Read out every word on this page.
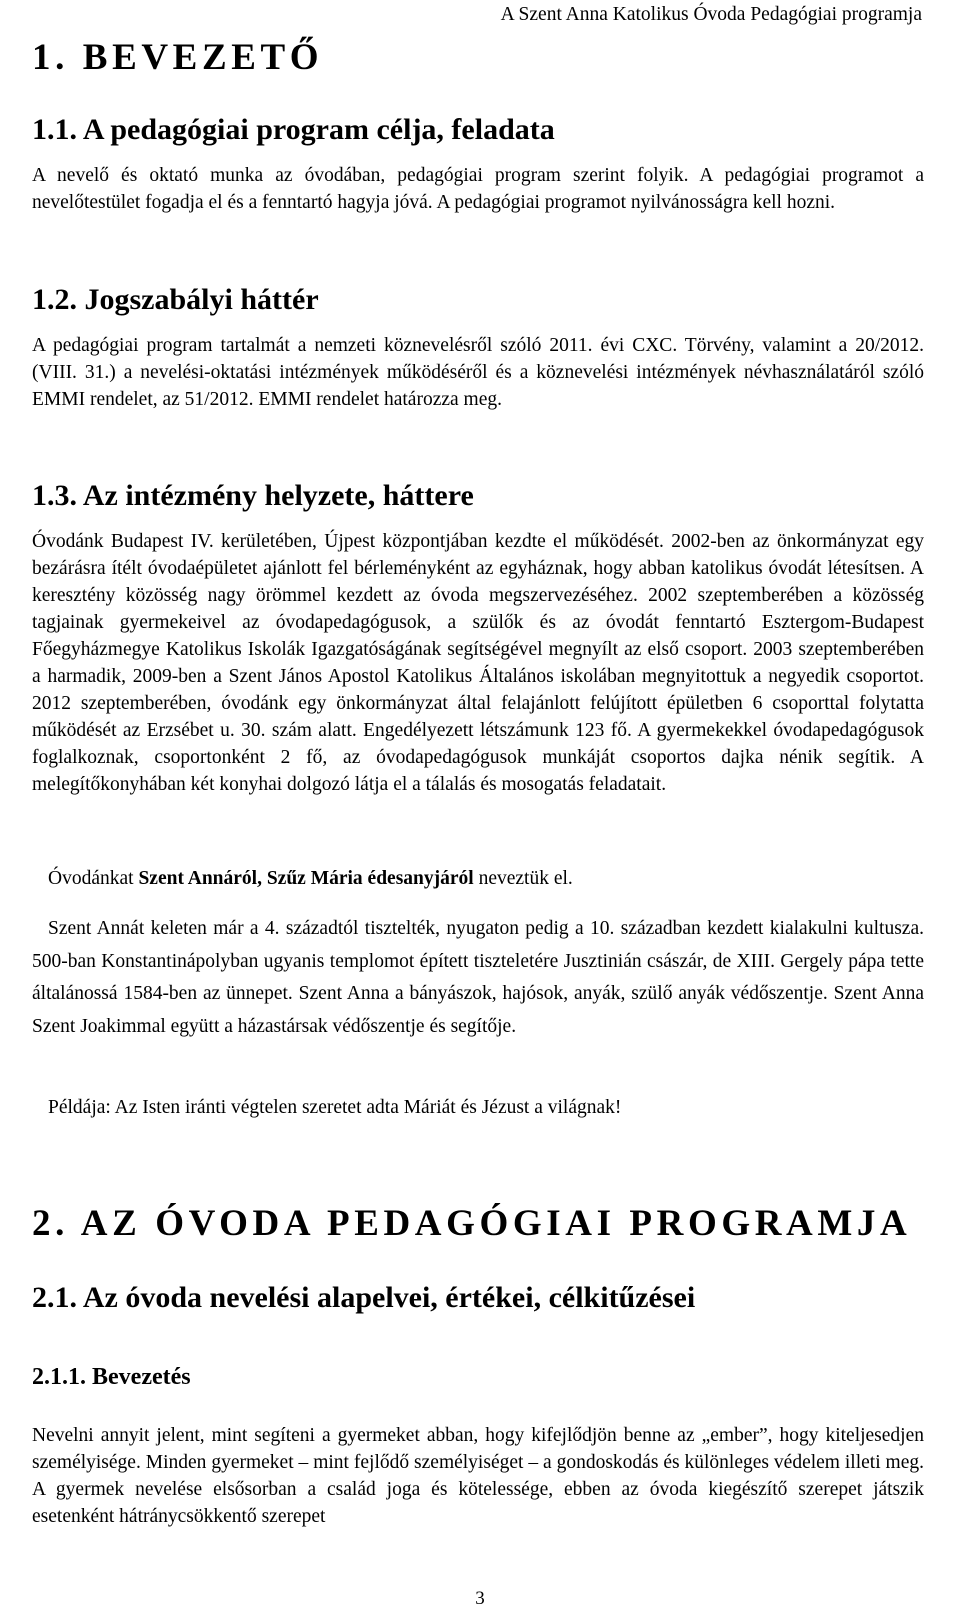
A Szent Anna Katolikus Óvoda Pedagógiai programja
1. BEVEZETŐ
1.1. A pedagógiai program célja, feladata
A nevelő és oktató munka az óvodában, pedagógiai program szerint folyik. A pedagógiai programot a nevelőtestület fogadja el és a fenntartó hagyja jóvá. A pedagógiai programot nyilvánosságra kell hozni.
1.2. Jogszabályi háttér
A pedagógiai program tartalmát a nemzeti köznevelésről szóló 2011. évi CXC. Törvény, valamint a 20/2012. (VIII. 31.) a nevelési-oktatási intézmények működéséről és a köznevelési intézmények névhasználatáról szóló EMMI rendelet, az 51/2012. EMMI rendelet határozza meg.
1.3. Az intézmény helyzete, háttere
Óvodánk Budapest IV. kerületében, Újpest központjában kezdte el működését. 2002-ben az önkormányzat egy bezárásra ítélt óvodaépületet ajánlott fel bérleményként az egyháznak, hogy abban katolikus óvodát létesítsen. A keresztény közösség nagy örömmel kezdett az óvoda megszervezéséhez. 2002 szeptemberében a közösség tagjainak gyermekeivel az óvodapedagógusok, a szülők és az óvodát fenntartó Esztergom-Budapest Főegyházmegye Katolikus Iskolák Igazgatóságának segítségével megnyílt az első csoport. 2003 szeptemberében a harmadik, 2009-ben a Szent János Apostol Katolikus Általános iskolában megnyitottuk a negyedik csoportot. 2012 szeptemberében, óvodánk egy önkormányzat által felajánlott felújított épületben 6 csoporttal folytatta működését az Erzsébet u. 30. szám alatt. Engedélyezett létszámunk 123 fő. A gyermekekkel óvodapedagógusok foglalkoznak, csoportonként 2 fő, az óvodapedagógusok munkáját csoportos dajka nénik segítik. A melegítőkonyhában két konyhai dolgozó látja el a tálalás és mosogatás feladatait.
Óvodánkat Szent Annáról, Szűz Mária édesanyjáról neveztük el.
Szent Annát keleten már a 4. századtól tisztelték, nyugaton pedig a 10. században kezdett kialakulni kultusza. 500-ban Konstantinápolyban ugyanis templomot épített tiszteletére Jusztinián császár, de XIII. Gergely pápa tette általánossá 1584-ben az ünnepet. Szent Anna a bányászok, hajósok, anyák, szülő anyák védőszentje. Szent Anna Szent Joakimmal együtt a házastársak védőszentje és segítője.
Példája: Az Isten iránti végtelen szeretet adta Máriát és Jézust a világnak!
2. AZ ÓVODA PEDAGÓGIAI PROGRAMJA
2.1. Az óvoda nevelési alapelvei, értékei, célkitűzései
2.1.1. Bevezetés
Nevelni annyit jelent, mint segíteni a gyermeket abban, hogy kifejlődjön benne az „ember”, hogy kiteljesedjen személyisége. Minden gyermeket – mint fejlődő személyiséget – a gondoskodás és különleges védelem illeti meg. A gyermek nevelése elsősorban a család joga és kötelessége, ebben az óvoda kiegészítő szerepet játszik esetenként hátránycsökkentő szerepet
3
